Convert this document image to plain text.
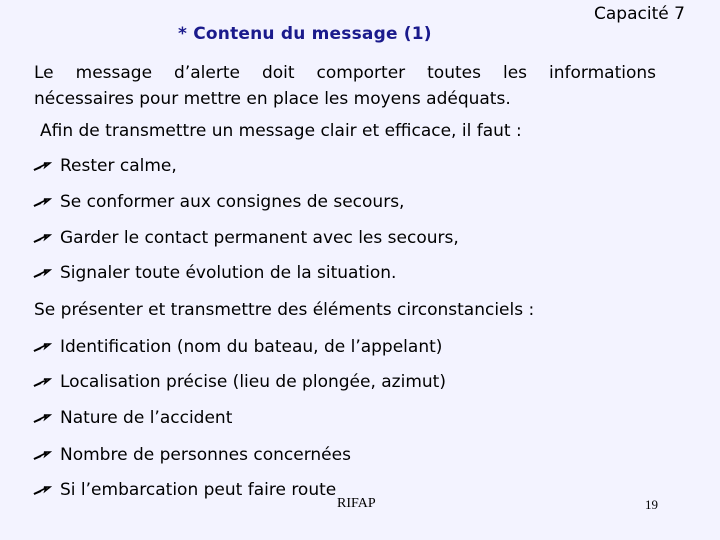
* Contenu du message (1)
Capacité 7
Le message d’alerte doit comporter toutes les informations
nécessaires pour mettre en place les moyens adéquats.
Afin de transmettre un message clair et efficace, il faut :
Rester calme,
Se conformer aux consignes de secours,
Garder le contact permanent avec les secours,
Signaler toute évolution de la situation.
Se présenter et transmettre des éléments circonstanciels :
Identification (nom du bateau, de l’appelant)
Localisation précise (lieu de plongée, azimut)
Nature de l’accident
Nombre de personnes concernées
Si l’embarcation peut faire route
RIFAP	19
